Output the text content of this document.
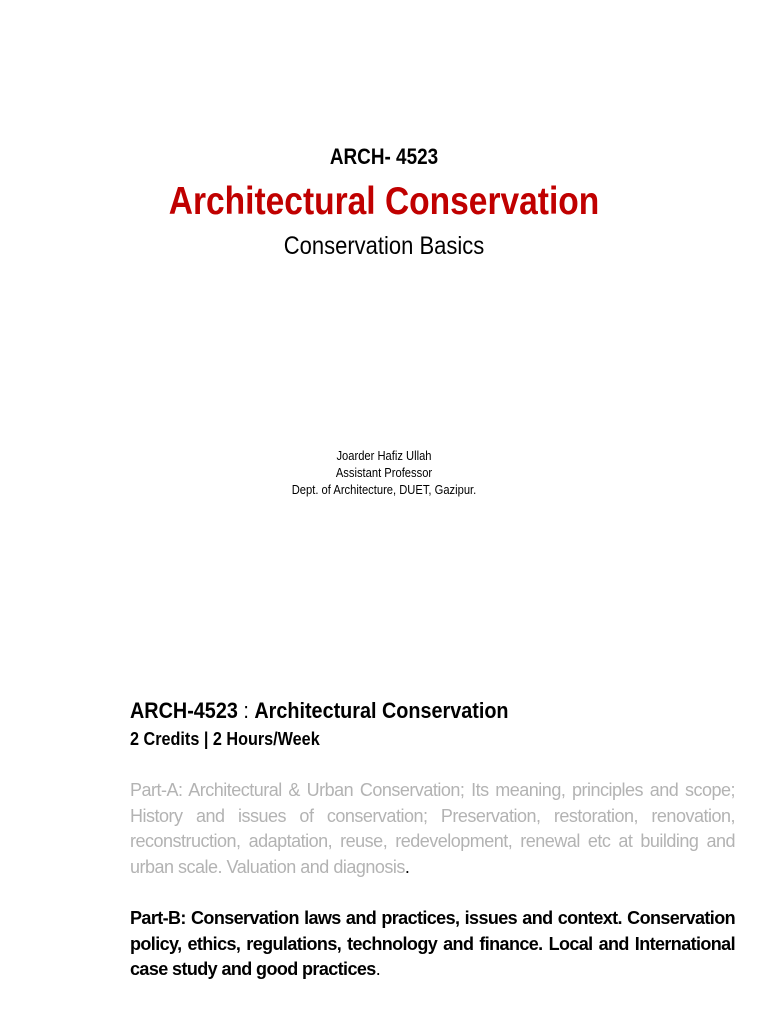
ARCH- 4523
Architectural Conservation
Conservation Basics
Joarder Hafiz Ullah
Assistant Professor
Dept. of Architecture, DUET, Gazipur.
ARCH-4523 : Architectural Conservation
2 Credits | 2 Hours/Week
Part-A: Architectural & Urban Conservation; Its meaning, principles and scope; History and issues of conservation; Preservation, restoration, renovation, reconstruction, adaptation, reuse, redevelopment, renewal etc at building and urban scale. Valuation and diagnosis.
Part-B: Conservation laws and practices, issues and context. Conservation policy, ethics, regulations, technology and finance. Local and International case study and good practices.
